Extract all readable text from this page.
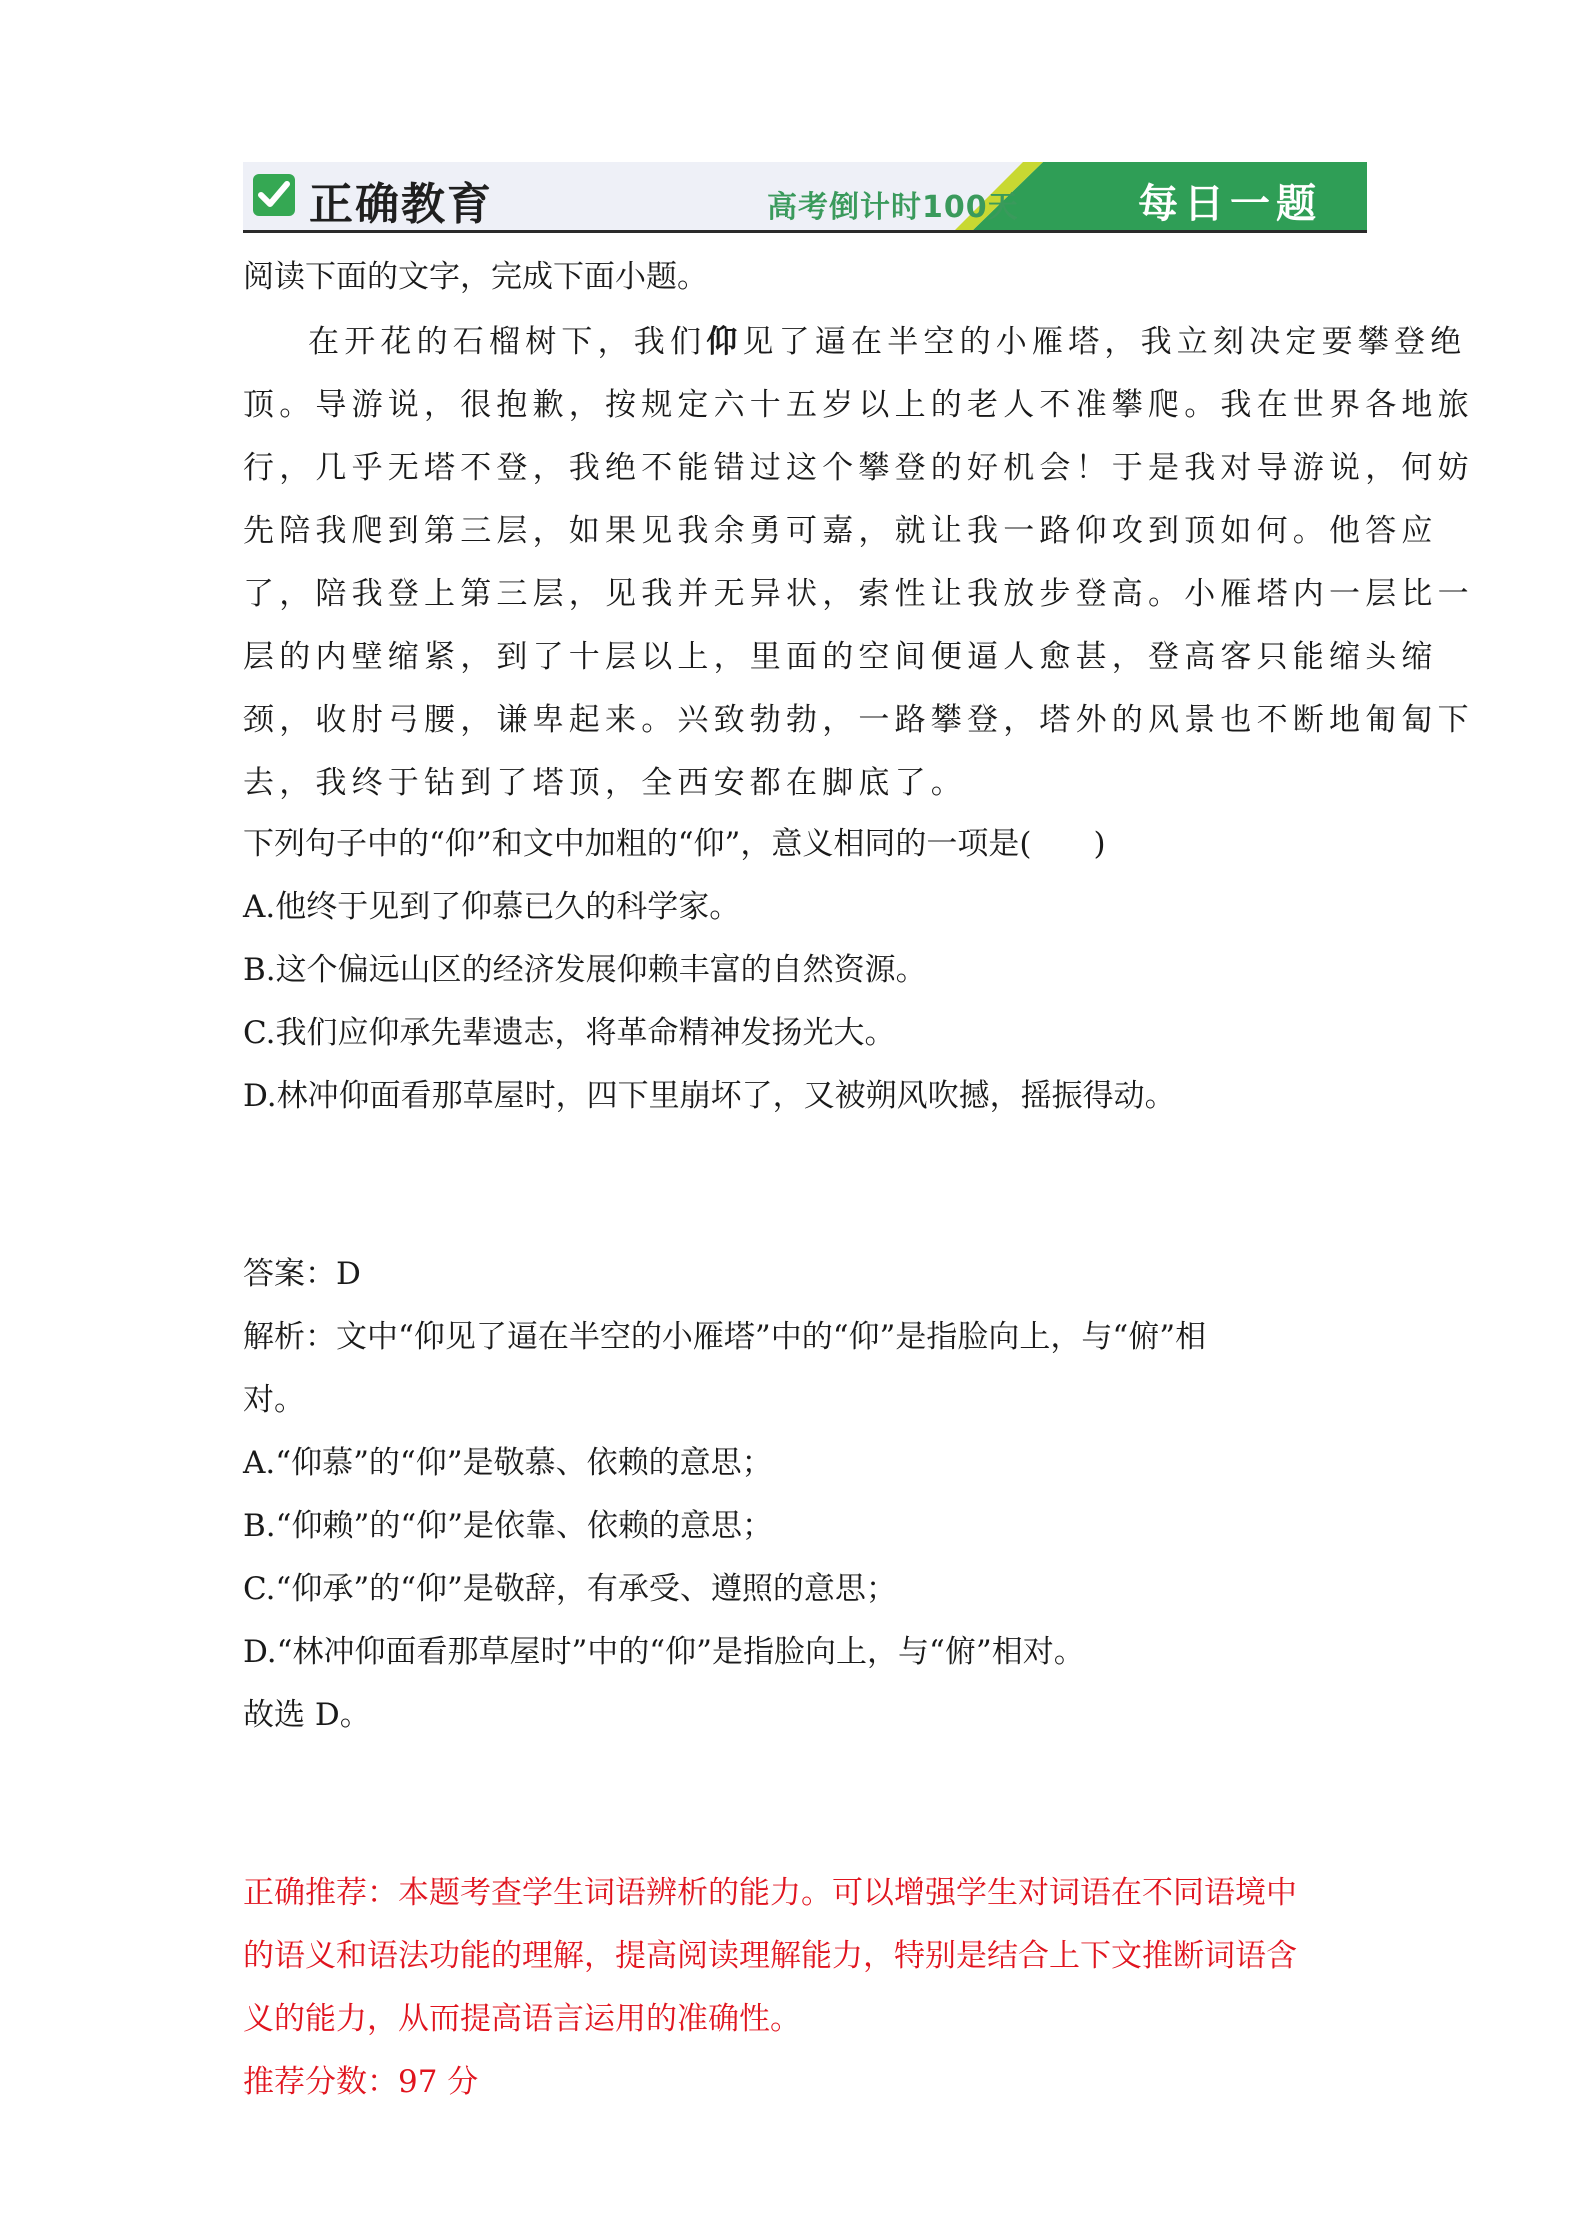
正确教育	高考倒计时100天	每日一题
阅读下面的文字，完成下面小题。
在开花的石榴树下，我们仰见了逼在半空的小雁塔，我立刻决定要攀登绝
顶。导游说，很抱歉，按规定六十五岁以上的老人不准攀爬。我在世界各地旅
行，几乎无塔不登，我绝不能错过这个攀登的好机会！于是我对导游说，何妨
先陪我爬到第三层，如果见我余勇可嘉，就让我一路仰攻到顶如何。他答应
了，陪我登上第三层，见我并无异状，索性让我放步登高。小雁塔内一层比一
层的内壁缩紧，到了十层以上，里面的空间便逼人愈甚，登高客只能缩头缩
颈，收肘弓腰，谦卑起来。兴致勃勃，一路攀登，塔外的风景也不断地匍匐下
去，我终于钻到了塔顶，全西安都在脚底了。
下列句子中的“仰”和文中加粗的“仰”，意义相同的一项是(　　)
A.他终于见到了仰慕已久的科学家。
B.这个偏远山区的经济发展仰赖丰富的自然资源。
C.我们应仰承先辈遗志，将革命精神发扬光大。
D.林冲仰面看那草屋时，四下里崩坏了，又被朔风吹撼，摇振得动。
答案：D
解析：文中“仰见了逼在半空的小雁塔”中的“仰”是指脸向上，与“俯”相
对。
A.“仰慕”的“仰”是敬慕、依赖的意思；
B.“仰赖”的“仰”是依靠、依赖的意思；
C.“仰承”的“仰”是敬辞，有承受、遵照的意思；
D.“林冲仰面看那草屋时”中的“仰”是指脸向上，与“俯”相对。
故选 D。
正确推荐：本题考查学生词语辨析的能力。可以增强学生对词语在不同语境中
的语义和语法功能的理解，提高阅读理解能力，特别是结合上下文推断词语含
义的能力，从而提高语言运用的准确性。
推荐分数：97 分
